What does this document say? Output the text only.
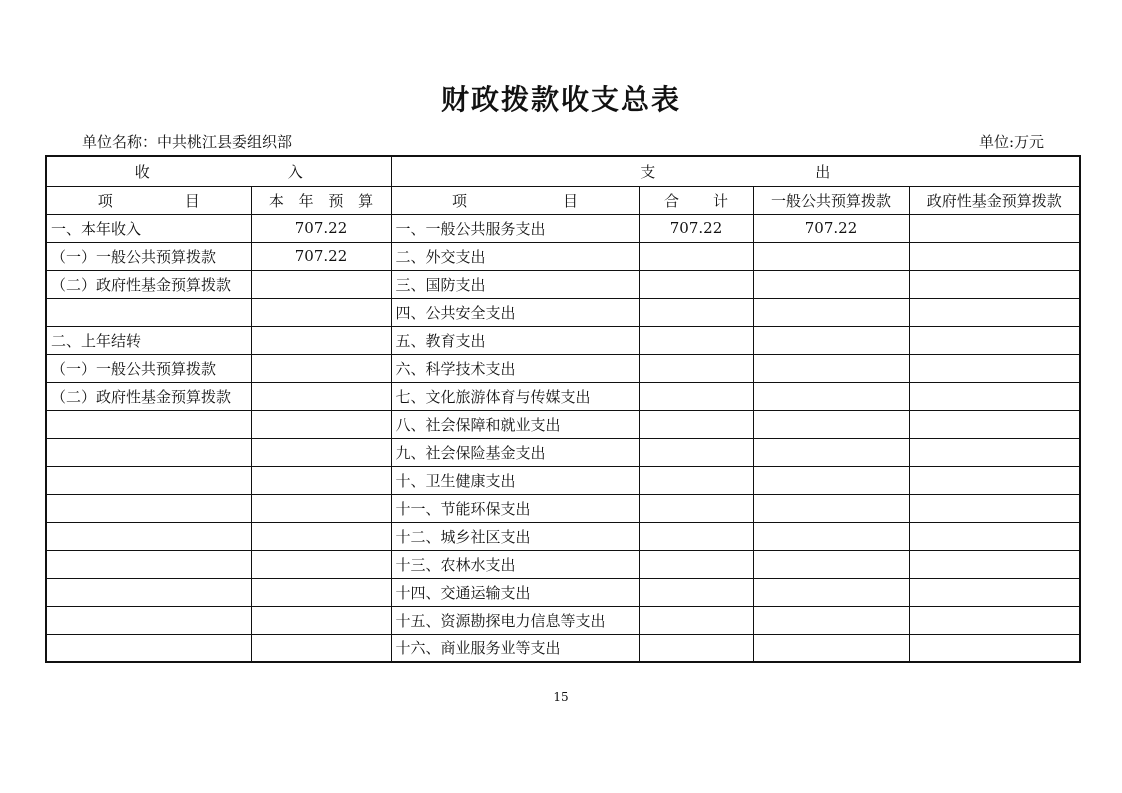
财政拨款收支总表
单位名称：中共桃江县委组织部	单位:万元
收 入		支 出			
项 目	本 年 预 算	项 目	合 计	一般公共预算拨款	政府性基金预算拨款
一、本年收入	707.22	一、一般公共服务支出	707.22	707.22	
（一）一般公共预算拨款	707.22	二、外交支出			
（二）政府性基金预算拨款		三、国防支出			
		四、公共安全支出			
二、上年结转		五、教育支出			
（一）一般公共预算拨款		六、科学技术支出			
（二）政府性基金预算拨款		七、文化旅游体育与传媒支出			
		八、社会保障和就业支出			
		九、社会保险基金支出			
		十、卫生健康支出			
		十一、节能环保支出			
		十二、城乡社区支出			
		十三、农林水支出			
		十四、交通运输支出			
		十五、资源勘探电力信息等支出			
		十六、商业服务业等支出			
15
